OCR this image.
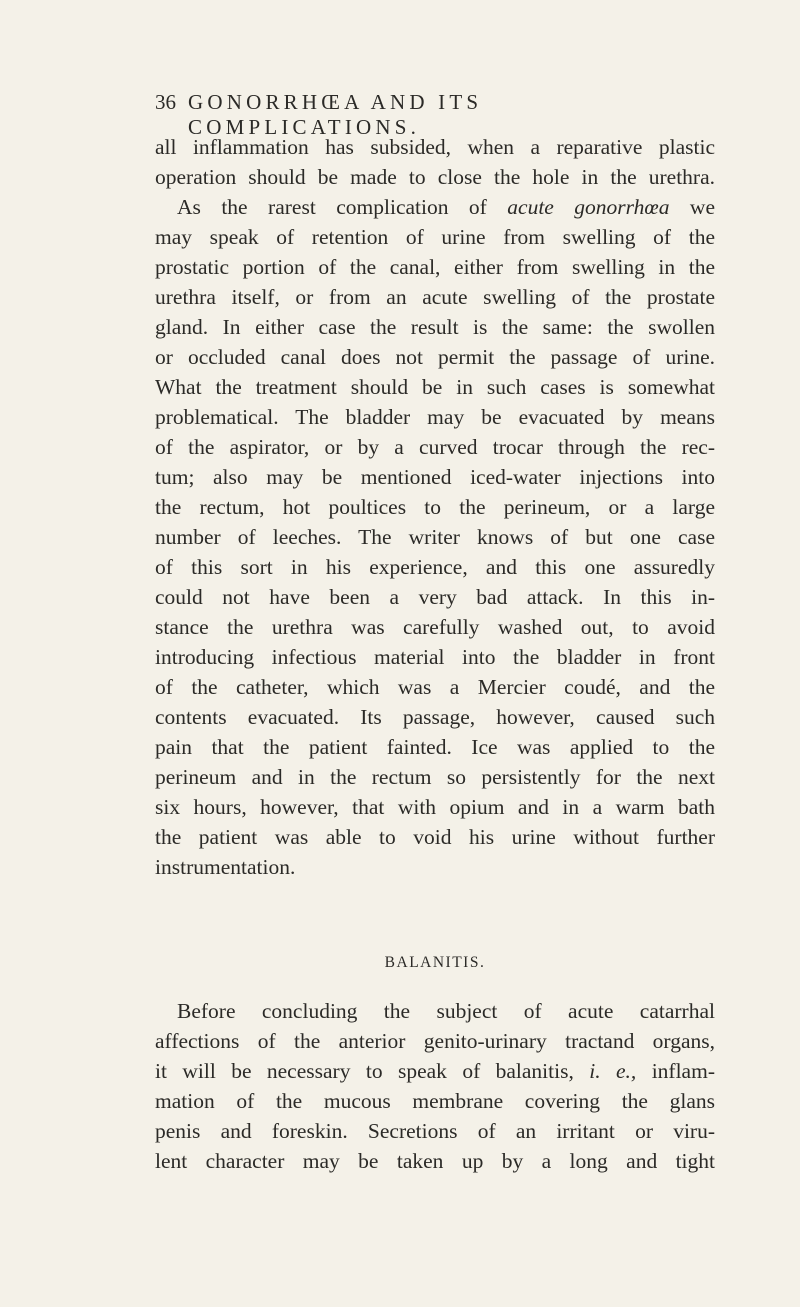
36 GONORRHŒA AND ITS COMPLICATIONS.
all inflammation has subsided, when a reparative plastic
operation should be made to close the hole in the urethra.
As the rarest complication of acute gonorrhœa we
may speak of retention of urine from swelling of the
prostatic portion of the canal, either from swelling in the
urethra itself, or from an acute swelling of the prostate
gland. In either case the result is the same: the swollen
or occluded canal does not permit the passage of urine.
What the treatment should be in such cases is somewhat
problematical. The bladder may be evacuated by means
of the aspirator, or by a curved trocar through the rec-
tum; also may be mentioned iced-water injections into
the rectum, hot poultices to the perineum, or a large
number of leeches. The writer knows of but one case
of this sort in his experience, and this one assuredly
could not have been a very bad attack. In this in-
stance the urethra was carefully washed out, to avoid
introducing infectious material into the bladder in front
of the catheter, which was a Mercier coudé, and the
contents evacuated. Its passage, however, caused such
pain that the patient fainted. Ice was applied to the
perineum and in the rectum so persistently for the next
six hours, however, that with opium and in a warm bath
the patient was able to void his urine without further
instrumentation.
BALANITIS.
Before concluding the subject of acute catarrhal
affections of the anterior genito-urinary tractand organs,
it will be necessary to speak of balanitis, i. e., inflam-
mation of the mucous membrane covering the glans
penis and foreskin. Secretions of an irritant or viru-
lent character may be taken up by a long and tight
